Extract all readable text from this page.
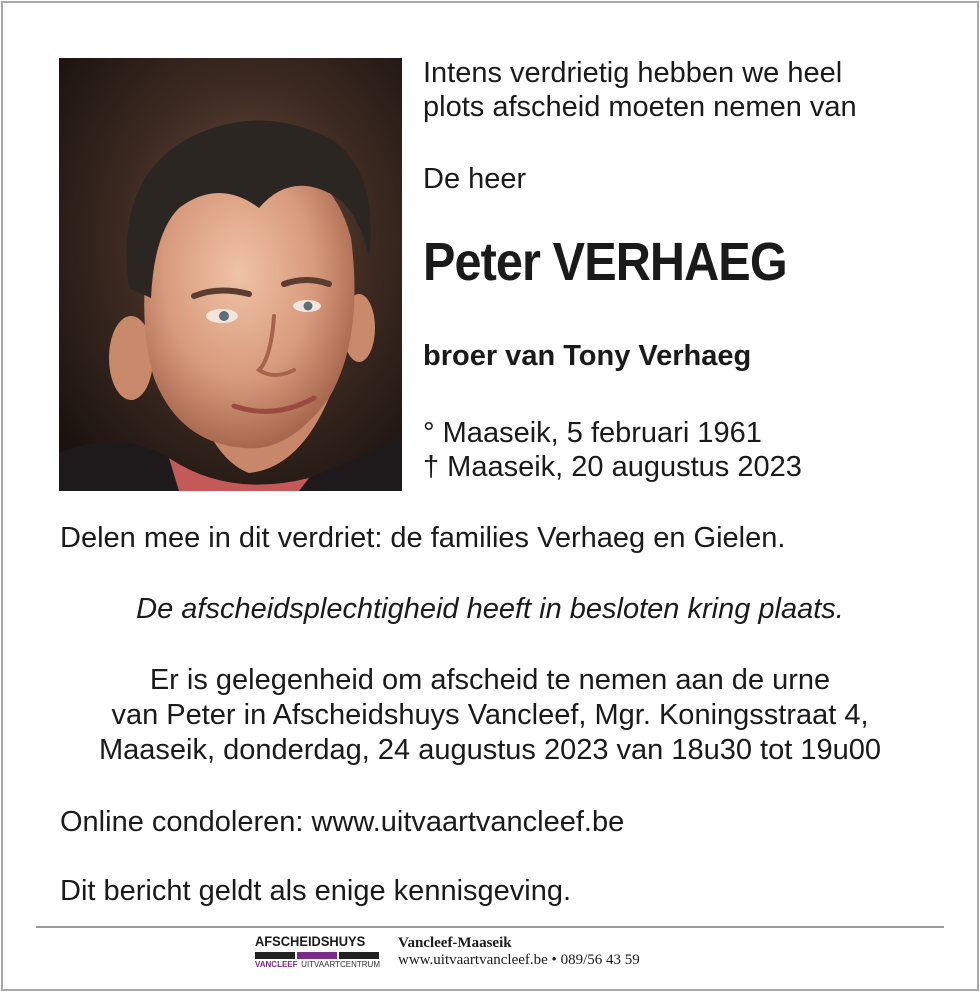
Intens verdrietig hebben we heel
plots afscheid moeten nemen van
De heer
Peter VERHAEG
broer van Tony Verhaeg
° Maaseik, 5 februari 1961
† Maaseik, 20 augustus 2023
Delen mee in dit verdriet: de families Verhaeg en Gielen.
De afscheidsplechtigheid heeft in besloten kring plaats.
Er is gelegenheid om afscheid te nemen aan de urne
van Peter in Afscheidshuys Vancleef, Mgr. Koningsstraat 4,
Maaseik, donderdag, 24 augustus 2023 van 18u30 tot 19u00
Online condoleren: www.uitvaartvancleef.be
Dit bericht geldt als enige kennisgeving.
AFSCHEIDSHUYS
VANCLEEF UITVAARTCENTRUM
Vancleef-Maaseik
www.uitvaartvancleef.be • 089/56 43 59
